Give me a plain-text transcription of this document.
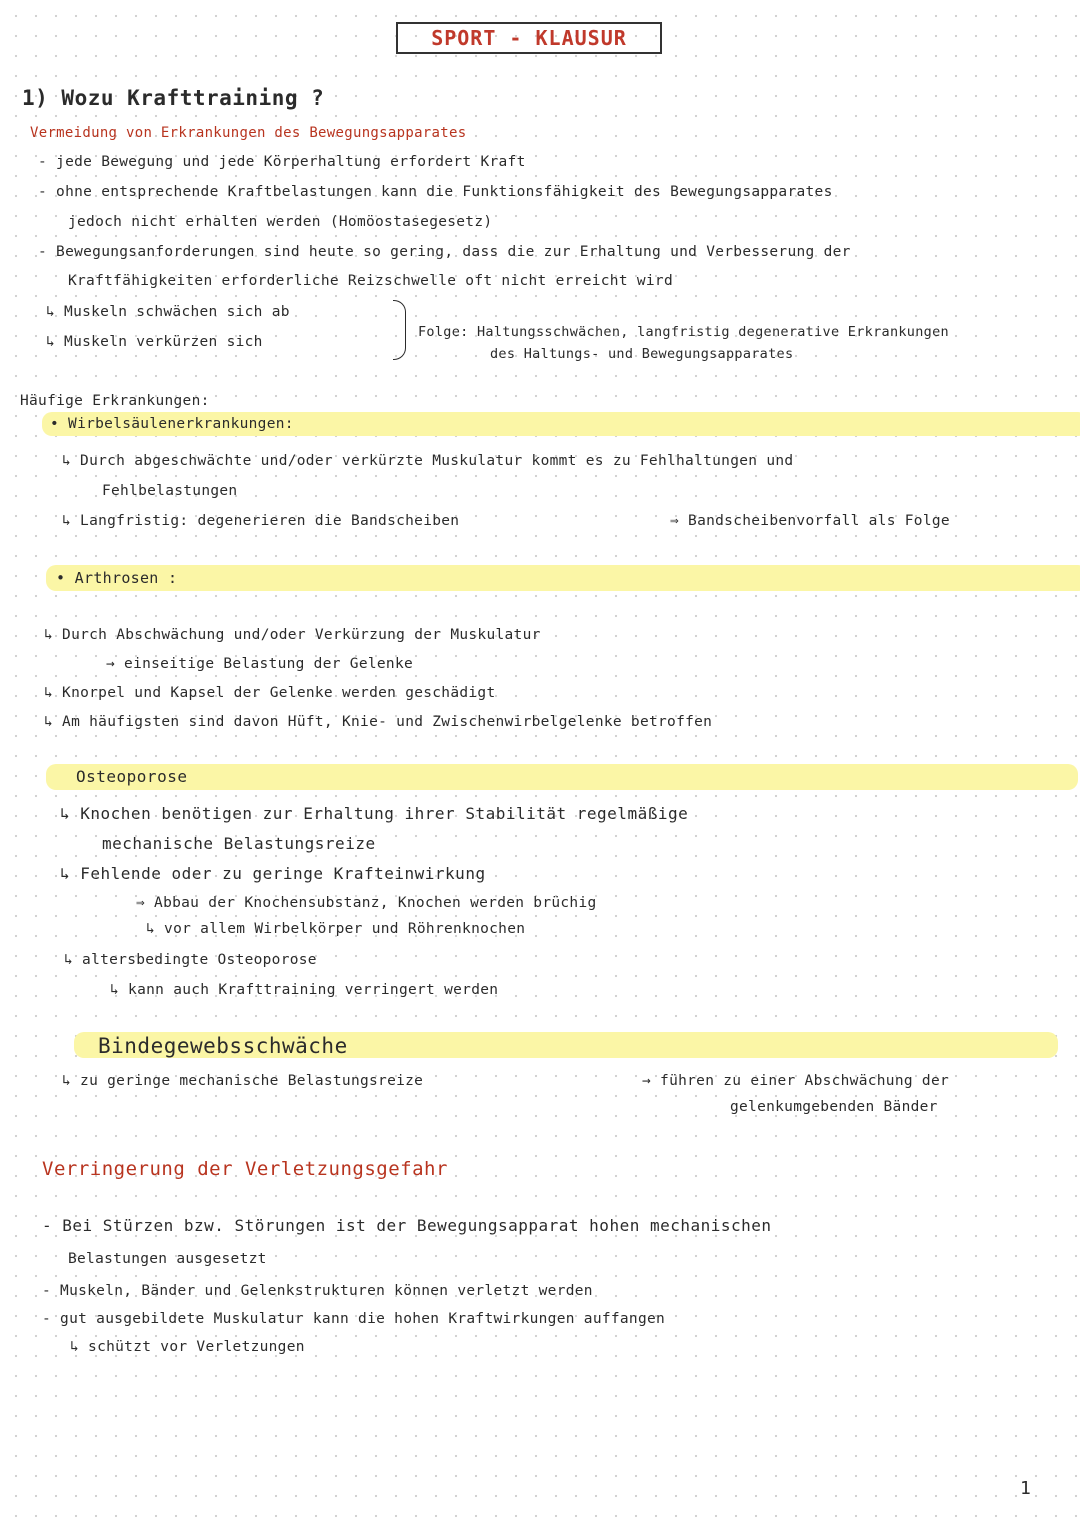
SPORT - KLAUSUR
1) Wozu Krafttraining ?
Vermeidung von Erkrankungen des Bewegungsapparates
- jede Bewegung und jede Körperhaltung erfordert Kraft
- ohne entsprechende Kraftbelastungen kann die Funktionsfähigkeit des Bewegungsapparates
jedoch nicht erhalten werden (Homöostasegesetz)
- Bewegungsanforderungen sind heute so gering, dass die zur Erhaltung und Verbesserung der
Kraftfähigkeiten erforderliche Reizschwelle oft nicht erreicht wird
↳ Muskeln schwächen sich ab
↳ Muskeln verkürzen sich
Folge: Haltungsschwächen, langfristig degenerative Erkrankungen
des Haltungs- und Bewegungsapparates
Häufige Erkrankungen:
• Wirbelsäulenerkrankungen:
↳ Durch abgeschwächte und/oder verkürzte Muskulatur kommt es zu Fehlhaltungen und
Fehlbelastungen
↳ Langfristig: degenerieren die Bandscheiben	⇒ Bandscheibenvorfall als Folge
• Arthrosen :
↳ Durch Abschwächung und/oder Verkürzung der Muskulatur
→ einseitige Belastung der Gelenke
↳ Knorpel und Kapsel der Gelenke werden geschädigt
↳ Am häufigsten sind davon Hüft, Knie- und Zwischenwirbelgelenke betroffen
Osteoporose
↳ Knochen benötigen zur Erhaltung ihrer Stabilität regelmäßige
mechanische Belastungsreize
↳ Fehlende oder zu geringe Krafteinwirkung
⇒ Abbau der Knochensubstanz, Knochen werden brüchig
↳ vor allem Wirbelkörper und Röhrenknochen
↳ altersbedingte Osteoporose
↳ kann auch Krafttraining verringert werden
Bindegewebsschwäche
↳ zu geringe mechanische Belastungsreize	→ führen zu einer Abschwächung der
gelenkumgebenden Bänder
Verringerung der Verletzungsgefahr
- Bei Stürzen bzw. Störungen ist der Bewegungsapparat hohen mechanischen
Belastungen ausgesetzt
- Muskeln, Bänder und Gelenkstrukturen können verletzt werden
- gut ausgebildete Muskulatur kann die hohen Kraftwirkungen auffangen
↳ schützt vor Verletzungen
1
